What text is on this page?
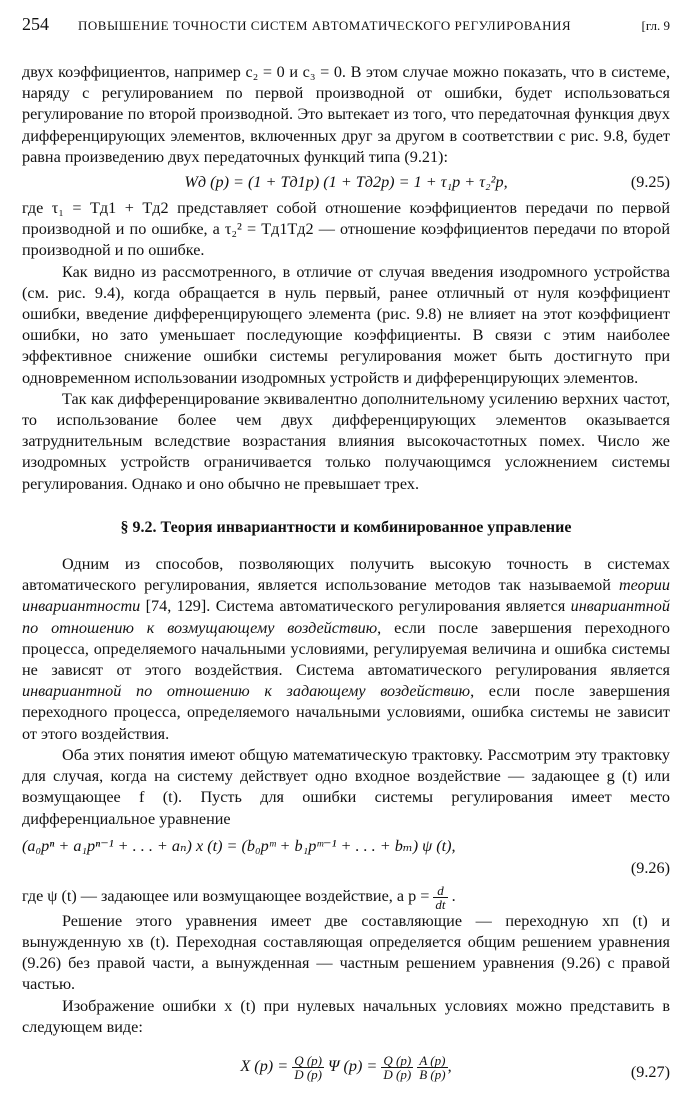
254 ПОВЫШЕНИЕ ТОЧНОСТИ СИСТЕМ АВТОМАТИЧЕСКОГО РЕГУЛИРОВАНИЯ	[гл. 9

двух коэффициентов, например c₂ = 0 и c₃ = 0. В этом случае можно показать, что в системе, наряду с регулированием по первой производной от ошибки, будет использоваться регулирование по второй производной. Это вытекает из того, что передаточная функция двух дифференцирующих элементов, включенных друг за другом в соответствии с рис. 9.8, будет равна произведению двух передаточных функций типа (9.21):

Wд (p) = (1 + Tд1p) (1 + Tд2p) = 1 + τ₁p + τ₂²p,	(9.25)

где τ₁ = Tд1 + Tд2 представляет собой отношение коэффициентов передачи по первой производной и по ошибке, а τ₂² = Tд1Tд2 — отношение коэффициентов передачи по второй производной и по ошибке.

Как видно из рассмотренного, в отличие от случая введения изодромного устройства (см. рис. 9.4), когда обращается в нуль первый, ранее отличный от нуля коэффициент ошибки, введение дифференцирующего элемента (рис. 9.8) не влияет на этот коэффициент ошибки, но зато уменьшает последующие коэффициенты. В связи с этим наиболее эффективное снижение ошибки системы регулирования может быть достигнуто при одновременном использовании изодромных устройств и дифференцирующих элементов.

Так как дифференцирование эквивалентно дополнительному усилению верхних частот, то использование более чем двух дифференцирующих элементов оказывается затруднительным вследствие возрастания влияния высокочастотных помех. Число же изодромных устройств ограничивается только получающимся усложнением системы регулирования. Однако и оно обычно не превышает трех.

§ 9.2. Теория инвариантности и комбинированное управление

Одним из способов, позволяющих получить высокую точность в системах автоматического регулирования, является использование методов так называемой теории инвариантности [74, 129]. Система автоматического регулирования является инвариантной по отношению к возмущающему воздействию, если после завершения переходного процесса, определяемого начальными условиями, регулируемая величина и ошибка системы не зависят от этого воздействия. Система автоматического регулирования является инвариантной по отношению к задающему воздействию, если после завершения переходного процесса, определяемого начальными условиями, ошибка системы не зависит от этого воздействия.

Оба этих понятия имеют общую математическую трактовку. Рассмотрим эту трактовку для случая, когда на систему действует одно входное воздействие — задающее g (t) или возмущающее f (t). Пусть для ошибки системы регулирования имеет место дифференциальное уравнение

(a₀pⁿ + a₁pⁿ⁻¹ + . . . + aₙ) x (t) = (b₀pᵐ + b₁pᵐ⁻¹ + . . . + bₘ) ψ (t),
(9.26)

где ψ (t) — задающее или возмущающее воздействие, а $p = \frac{d}{dt}$ .

Решение этого уравнения имеет две составляющие — переходную xп (t) и вынужденную xв (t). Переходная составляющая определяется общим решением уравнения (9.26) без правой части, а вынужденная — частным решением уравнения (9.26) с правой частью.

Изображение ошибки x (t) при нулевых начальных условиях можно представить в следующем виде:

X $(p) = \frac{Q (p)}{D (p)}$ Ψ $(p) = \frac{Q (p)}{D (p)}$
$\frac{A (p)}{B (p)}$ ,	(9.27)
